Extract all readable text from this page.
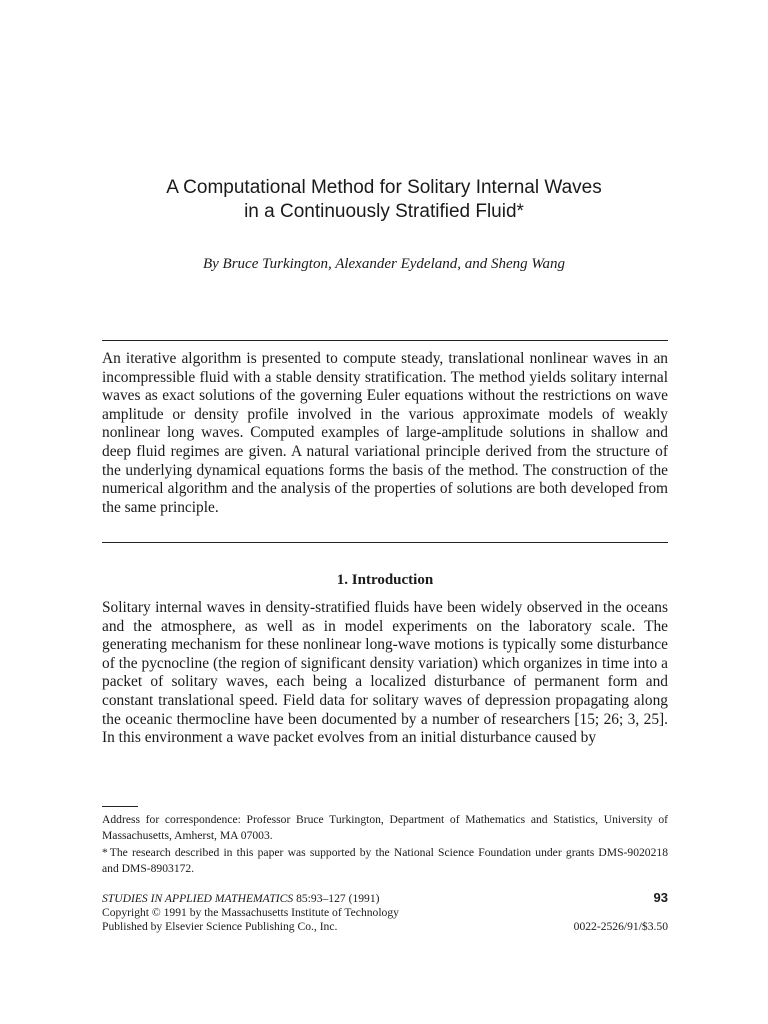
A Computational Method for Solitary Internal Waves
in a Continuously Stratified Fluid*

By Bruce Turkington, Alexander Eydeland, and Sheng Wang

An iterative algorithm is presented to compute steady, translational nonlinear waves in an incompressible fluid with a stable density stratification. The method yields solitary internal waves as exact solutions of the governing Euler equations without the restrictions on wave amplitude or density profile involved in the various approximate models of weakly nonlinear long waves. Computed examples of large-amplitude solutions in shallow and deep fluid regimes are given. A natural variational principle derived from the structure of the underlying dynamical equations forms the basis of the method. The construction of the numerical algorithm and the analysis of the properties of solutions are both developed from the same principle.

1. Introduction

Solitary internal waves in density-stratified fluids have been widely observed in the oceans and the atmosphere, as well as in model experiments on the laboratory scale. The generating mechanism for these nonlinear long-wave motions is typically some disturbance of the pycnocline (the region of significant density variation) which organizes in time into a packet of solitary waves, each being a localized disturbance of permanent form and constant translational speed. Field data for solitary waves of depression propagating along the oceanic thermocline have been documented by a number of researchers [15; 26; 3, 25]. In this environment a wave packet evolves from an initial disturbance caused by

Address for correspondence: Professor Bruce Turkington, Department of Mathematics and Statistics, University of Massachusetts, Amherst, MA 07003.

* The research described in this paper was supported by the National Science Foundation under grants DMS-9020218 and DMS-8903172.

STUDIES IN APPLIED MATHEMATICS 85:93–127 (1991)
Copyright © 1991 by the Massachusetts Institute of Technology
Published by Elsevier Science Publishing Co., Inc.
93
0022-2526/91/$3.50
